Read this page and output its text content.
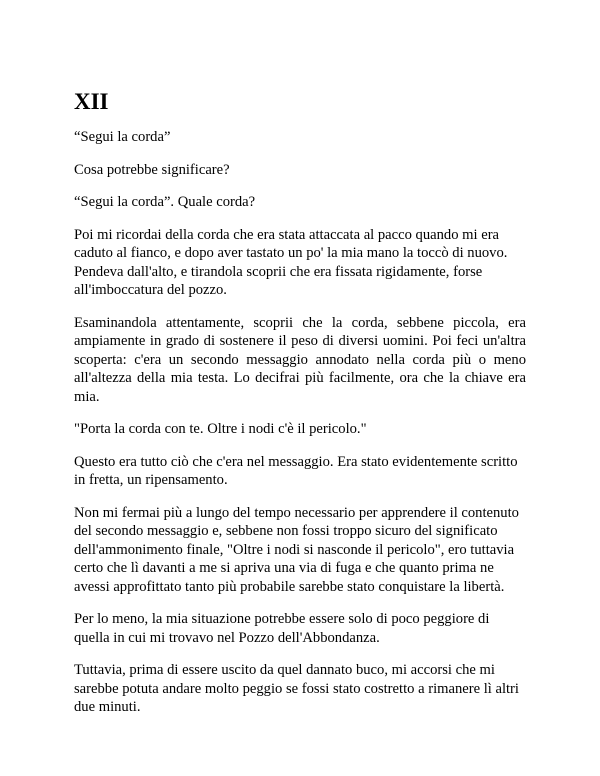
XII

“Segui la corda”

Cosa potrebbe significare?

“Segui la corda”. Quale corda?

Poi mi ricordai della corda che era stata attaccata al pacco quando mi era caduto al fianco, e dopo aver tastato un po' la mia mano la toccò di nuovo. Pendeva dall'alto, e tirandola scoprii che era fissata rigidamente, forse all'imboccatura del pozzo.

Esaminandola attentamente, scoprii che la corda, sebbene piccola, era ampiamente in grado di sostenere il peso di diversi uomini. Poi feci un'altra scoperta: c'era un secondo messaggio annodato nella corda più o meno all'altezza della mia testa. Lo decifrai più facilmente, ora che la chiave era mia.

"Porta la corda con te. Oltre i nodi c'è il pericolo."

Questo era tutto ciò che c'era nel messaggio. Era stato evidentemente scritto in fretta, un ripensamento.

Non mi fermai più a lungo del tempo necessario per apprendere il contenuto del secondo messaggio e, sebbene non fossi troppo sicuro del significato dell'ammonimento finale, "Oltre i nodi si nasconde il pericolo", ero tuttavia certo che lì davanti a me si apriva una via di fuga e che quanto prima ne avessi approfittato tanto più probabile sarebbe stato conquistare la libertà.

Per lo meno, la mia situazione potrebbe essere solo di poco peggiore di quella in cui mi trovavo nel Pozzo dell'Abbondanza.

Tuttavia, prima di essere uscito da quel dannato buco, mi accorsi che mi sarebbe potuta andare molto peggio se fossi stato costretto a rimanere lì altri due minuti.
